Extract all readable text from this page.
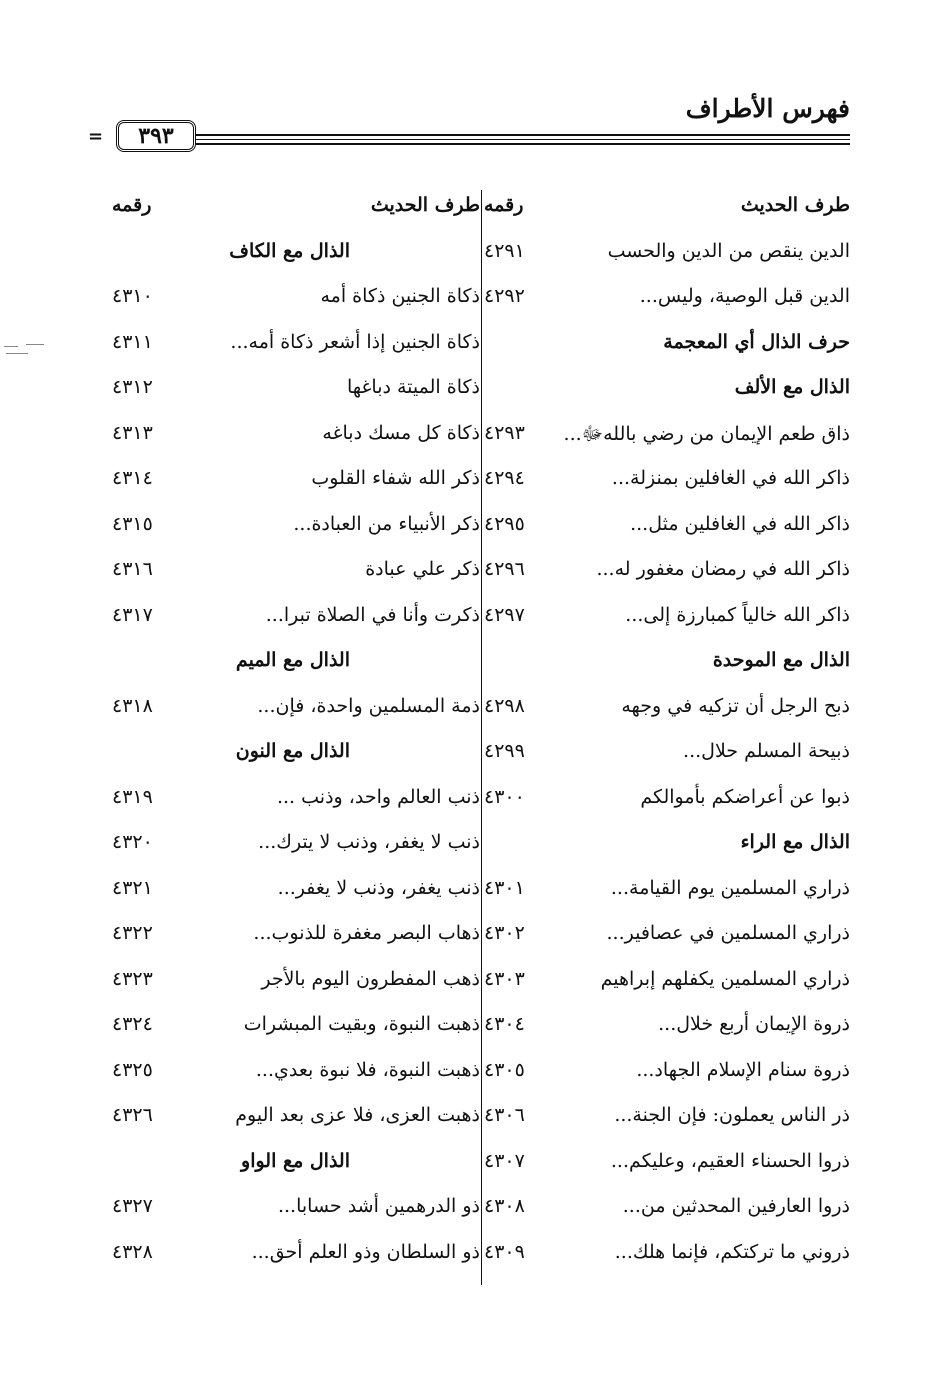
فهرس الأطراف
=	٣٩٣
طرف الحديث
رقمه
الدين ينقص من الدين والحسب
٤٢٩١
الدين قبل الوصية، وليس...
٤٢٩٢
حرف الذال أي المعجمة
الذال مع الألف
ذاق طعم الإيمان من رضي باللهﷻ...
٤٢٩٣
ذاكر الله في الغافلين بمنزلة...
٤٢٩٤
ذاكر الله في الغافلين مثل...
٤٢٩٥
ذاكر الله في رمضان مغفور له...
٤٢٩٦
ذاكر الله خالياً كمبارزة إلى...
٤٢٩٧
الذال مع الموحدة
ذبح الرجل أن تزكيه في وجهه
٤٢٩٨
ذبيحة المسلم حلال...
٤٢٩٩
ذبوا عن أعراضكم بأموالكم
٤٣٠٠
الذال مع الراء
ذراري المسلمين يوم القيامة...
٤٣٠١
ذراري المسلمين في عصافير...
٤٣٠٢
ذراري المسلمين يكفلهم إبراهيم
٤٣٠٣
ذروة الإيمان أربع خلال...
٤٣٠٤
ذروة سنام الإسلام الجهاد...
٤٣٠٥
ذر الناس يعملون: فإن الجنة...
٤٣٠٦
ذروا الحسناء العقيم، وعليكم...
٤٣٠٧
ذروا العارفين المحدثين من...
٤٣٠٨
ذروني ما تركتكم، فإنما هلك...
٤٣٠٩
طرف الحديث
رقمه
الذال مع الكاف
ذكاة الجنين ذكاة أمه
٤٣١٠
ذكاة الجنين إذا أشعر ذكاة أمه...
٤٣١١
ذكاة الميتة دباغها
٤٣١٢
ذكاة كل مسك دباغه
٤٣١٣
ذكر الله شفاء القلوب
٤٣١٤
ذكر الأنبياء من العبادة...
٤٣١٥
ذكر علي عبادة
٤٣١٦
ذكرت وأنا في الصلاة تبرا...
٤٣١٧
الذال مع الميم
ذمة المسلمين واحدة، فإن...
٤٣١٨
الذال مع النون
ذنب العالم واحد، وذنب ...
٤٣١٩
ذنب لا يغفر، وذنب لا يترك...
٤٣٢٠
ذنب يغفر، وذنب لا يغفر...
٤٣٢١
ذهاب البصر مغفرة للذنوب...
٤٣٢٢
ذهب المفطرون اليوم بالأجر
٤٣٢٣
ذهبت النبوة، وبقيت المبشرات
٤٣٢٤
ذهبت النبوة، فلا نبوة بعدي...
٤٣٢٥
ذهبت العزى، فلا عزى بعد اليوم
٤٣٢٦
الذال مع الواو
ذو الدرهمين أشد حسابا...
٤٣٢٧
ذو السلطان وذو العلم أحق...
٤٣٢٨
